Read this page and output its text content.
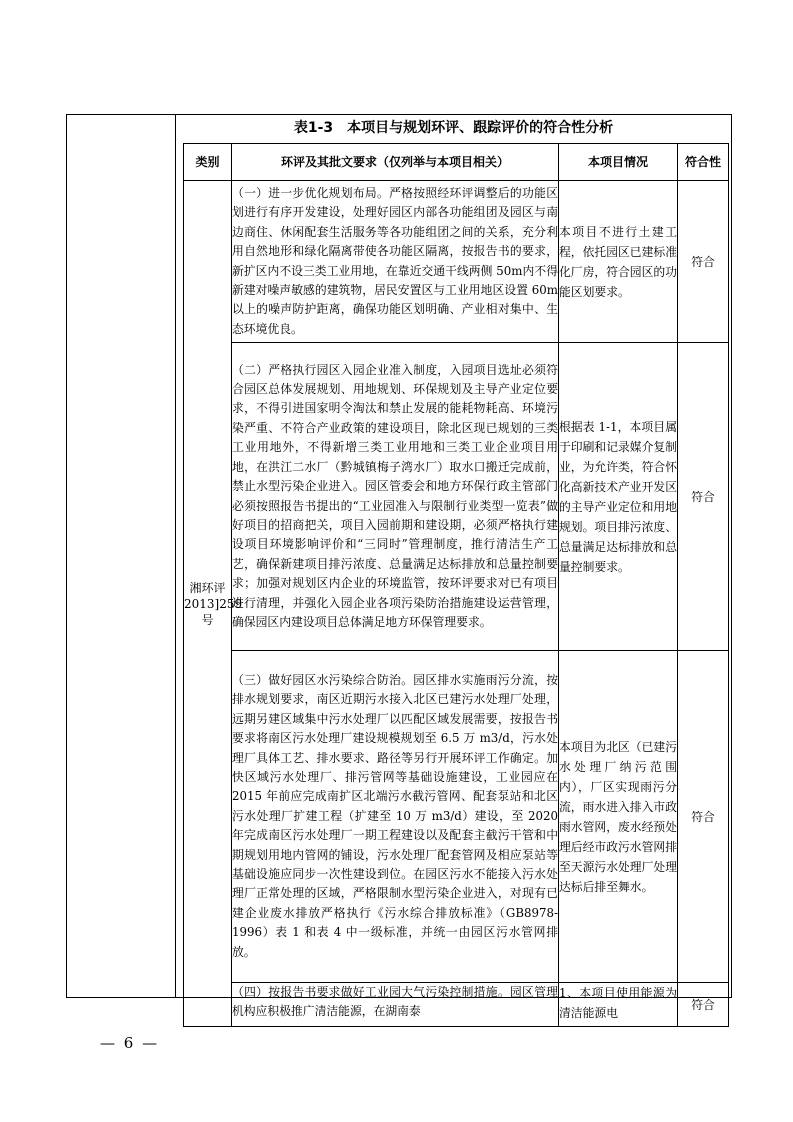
表1-3　本项目与规划环评、跟踪评价的符合性分析
类别	环评及其批文要求（仅列举与本项目相关）	本项目情况	符合性
湘环评2013]259号	（一）进一步优化规划布局。严格按照经环评调整后的功能区划进行有序开发建设，处理好园区内部各功能组团及园区与南边商住、休闲配套生活服务等各功能组团之间的关系，充分利用自然地形和绿化隔离带使各功能区隔离，按报告书的要求，新扩区内不设三类工业用地，在靠近交通干线两侧 50m内不得新建对噪声敏感的建筑物，居民安置区与工业用地区设置 60m 以上的噪声防护距离，确保功能区划明确、产业相对集中、生态环境优良。	本项目不进行土建工程，依托园区已建标准化厂房，符合园区的功能区划要求。	符合
	（二）严格执行园区入园企业准入制度，入园项目选址必须符合园区总体发展规划、用地规划、环保规划及主导产业定位要求，不得引进国家明令淘汰和禁止发展的能耗物耗高、环境污染严重、不符合产业政策的建设项目，除北区现已规划的三类工业用地外，不得新增三类工业用地和三类工业企业项目用地，在洪江二水厂（黔城镇梅子湾水厂）取水口搬迁完成前，禁止水型污染企业进入。园区管委会和地方环保行政主管部门必须按照报告书提出的“工业园准入与限制行业类型一览表”做好项目的招商把关，项目入园前期和建设期，必须严格执行建设项目环境影响评价和“三同时”管理制度，推行清洁生产工艺，确保新建项目排污浓度、总量满足达标排放和总量控制要求；加强对规划区内企业的环境监管，按环评要求对已有项目进行清理，并强化入园企业各项污染防治措施建设运营管理，确保园区内建设项目总体满足地方环保管理要求。	根据表 1-1，本项目属于印刷和记录媒介复制业，为允许类，符合怀化高新技术产业开发区的主导产业定位和用地规划。项目排污浓度、总量满足达标排放和总量控制要求。	符合
	（三）做好园区水污染综合防治。园区排水实施雨污分流，按排水规划要求，南区近期污水接入北区已建污水处理厂处理，远期另建区域集中污水处理厂以匹配区域发展需要，按报告书要求将南区污水处理厂建设规模规划至 6.5 万 m3/d，污水处理厂具体工艺、排水要求、路径等另行开展环评工作确定。加快区域污水处理厂、排污管网等基础设施建设，工业园应在 2015 年前应完成南扩区北端污水截污管网、配套泵站和北区污水处理厂扩建工程（扩建至 10 万 m3/d）建设，至 2020 年完成南区污水处理厂一期工程建设以及配套主截污干管和中期规划用地内管网的铺设，污水处理厂配套管网及相应泵站等基础设施应同步一次性建设到位。在园区污水不能接入污水处理厂正常处理的区域，严格限制水型污染企业进入，对现有已建企业废水排放严格执行《污水综合排放标准》（GB8978-1996）表 1 和表 4 中一级标准，并统一由园区污水管网排放。	本项目为北区（已建污水处理厂纳污范围内），厂区实现雨污分流，雨水进入排入市政雨水管网，废水经预处理后经市政污水管网排至天源污水处理厂处理达标后排至舞水。	符合
	（四）按报告书要求做好工业园大气污染控制措施。园区管理机构应积极推广清洁能源，在湖南泰	1、本项目使用能源为清洁能源电	符合
— 6 —
